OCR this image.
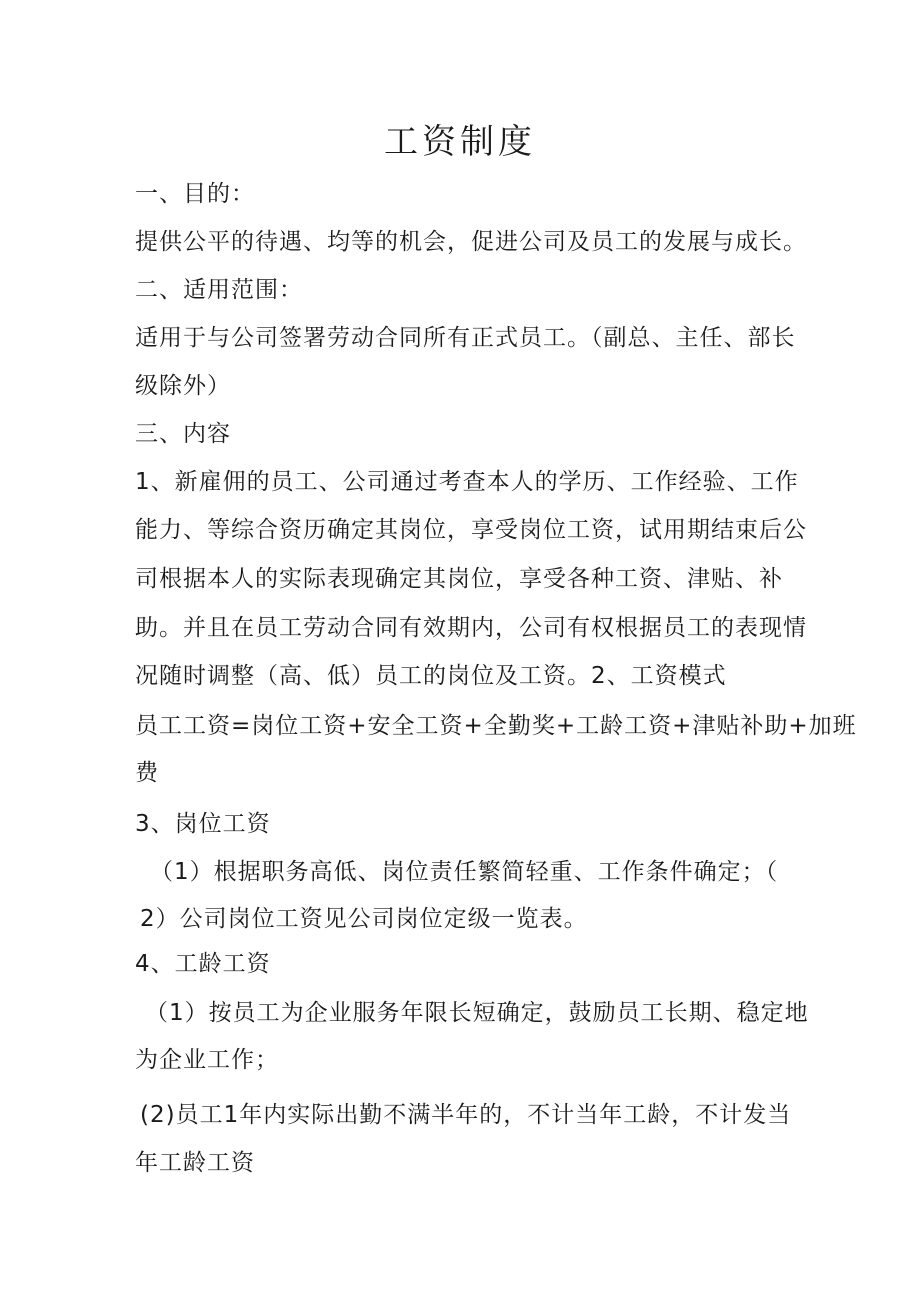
工资制度
一、目的：
提供公平的待遇、均等的机会，促进公司及员工的发展与成长。
二、适用范围：
适用于与公司签署劳动合同所有正式员工。（副总、主任、部长
级除外）
三、内容
1、新雇佣的员工、公司通过考查本人的学历、工作经验、工作
能力、等综合资历确定其岗位，享受岗位工资，试用期结束后公
司根据本人的实际表现确定其岗位，享受各种工资、津贴、补
助。并且在员工劳动合同有效期内，公司有权根据员工的表现情
况随时调整（高、低）员工的岗位及工资。2、工资模式
员工工资=岗位工资+安全工资+全勤奖+工龄工资+津贴补助+加班
费
3、岗位工资
（1）根据职务高低、岗位责任繁简轻重、工作条件确定；（
2）公司岗位工资见公司岗位定级一览表。
4、工龄工资
（1）按员工为企业服务年限长短确定，鼓励员工长期、稳定地
为企业工作；
(2)员工1年内实际出勤不满半年的，不计当年工龄，不计发当
年工龄工资
